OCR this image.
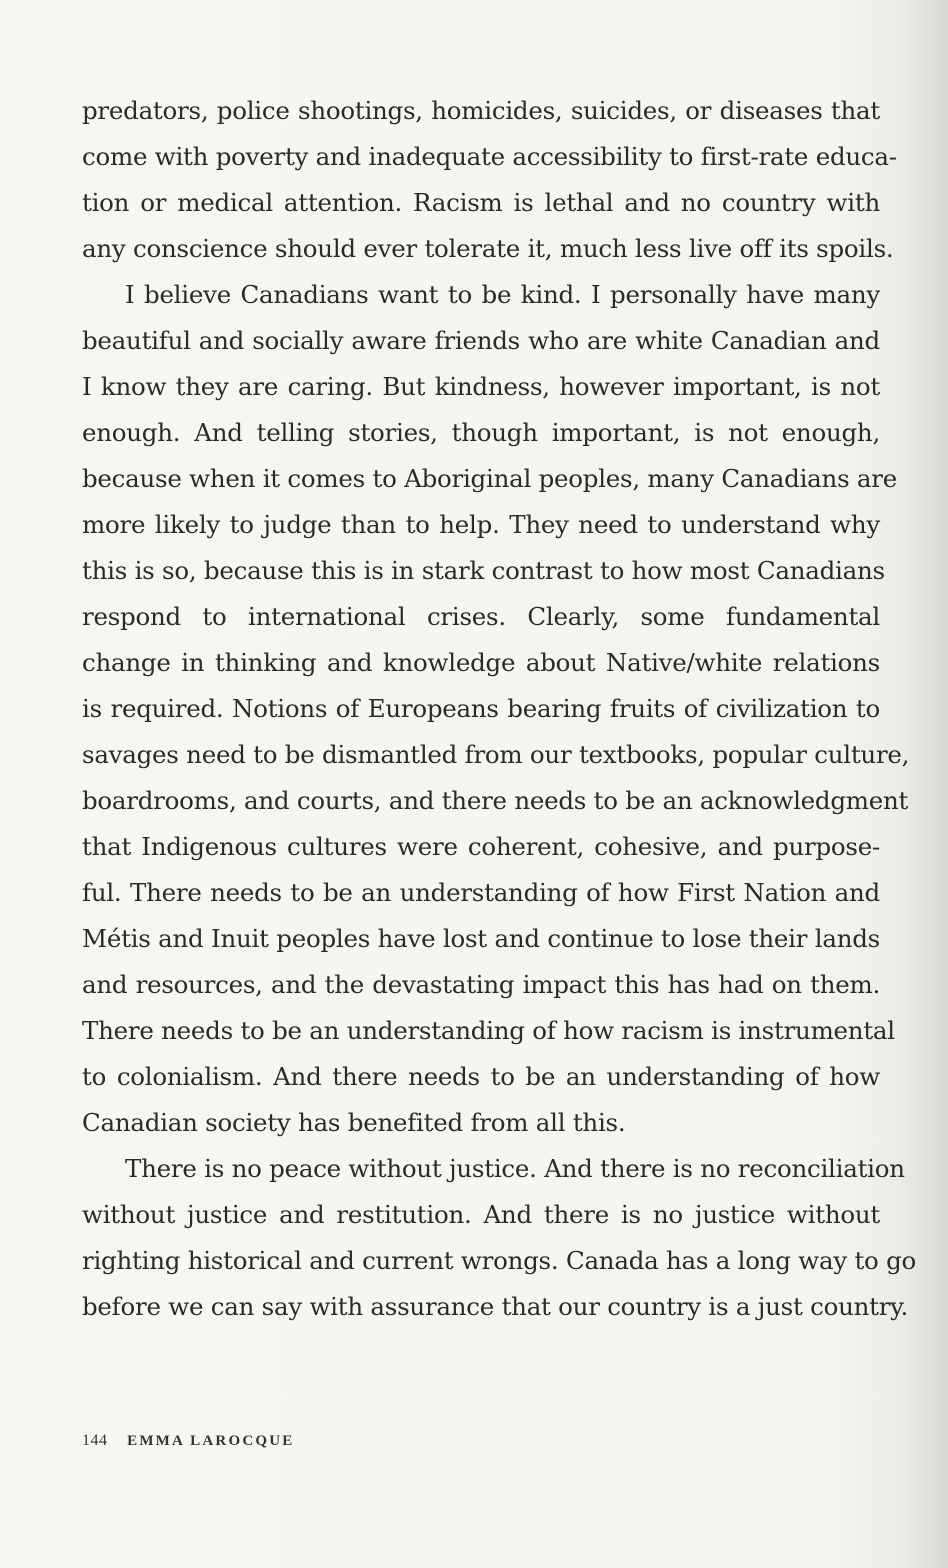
predators, police shootings, homicides, suicides, or diseases that
come with poverty and inadequate accessibility to first-rate educa-
tion or medical attention. Racism is lethal and no country with
any conscience should ever tolerate it, much less live off its spoils.
I believe Canadians want to be kind. I personally have many
beautiful and socially aware friends who are white Canadian and
I know they are caring. But kindness, however important, is not
enough. And telling stories, though important, is not enough,
because when it comes to Aboriginal peoples, many Canadians are
more likely to judge than to help. They need to understand why
this is so, because this is in stark contrast to how most Canadians
respond to international crises. Clearly, some fundamental
change in thinking and knowledge about Native/white relations
is required. Notions of Europeans bearing fruits of civilization to
savages need to be dismantled from our textbooks, popular culture,
boardrooms, and courts, and there needs to be an acknowledgment
that Indigenous cultures were coherent, cohesive, and purpose-
ful. There needs to be an understanding of how First Nation and
Métis and Inuit peoples have lost and continue to lose their lands
and resources, and the devastating impact this has had on them.
There needs to be an understanding of how racism is instrumental
to colonialism. And there needs to be an understanding of how
Canadian society has benefited from all this.
There is no peace without justice. And there is no reconciliation
without justice and restitution. And there is no justice without
righting historical and current wrongs. Canada has a long way to go
before we can say with assurance that our country is a just country.
144 EMMA LAROCQUE
